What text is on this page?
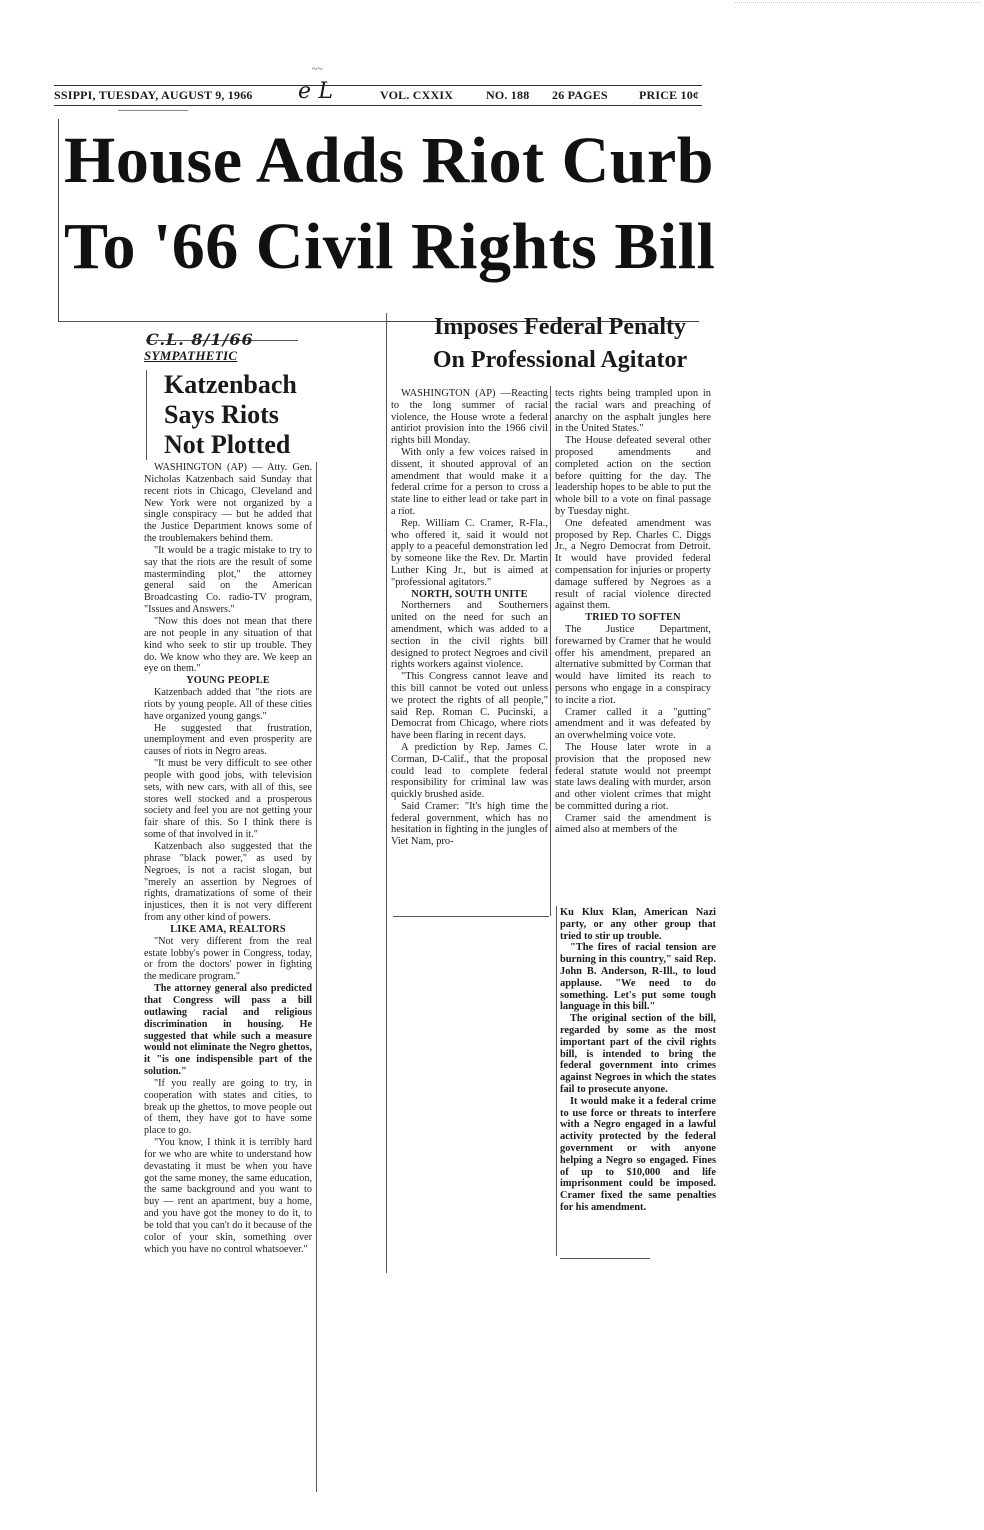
~~
SSIPPI, TUESDAY, AUGUST 9, 1966 e L	VOL. CXXIX	NO. 188 26 PAGES	PRICE 10¢
House Adds Riot Curb
To '66 Civil Rights Bill
Imposes Federal Penalty
On Professional Agitator
C.L. 8/1/66
SYMPATHETIC
Katzenbach
Says Riots
Not Plotted

WASHINGTON (AP) — Atty. Gen. Nicholas Katzenbach said Sunday that recent riots in Chicago, Cleveland and New York were not organized by a single conspiracy — but he added that the Justice Department knows some of the troublemakers behind them.

"It would be a tragic mistake to try to say that the riots are the result of some masterminding plot," the attorney general said on the American Broadcasting Co. radio-TV program, "Issues and Answers."

"Now this does not mean that there are not people in any situation of that kind who seek to stir up trouble. They do. We know who they are. We keep an eye on them."

YOUNG PEOPLE

Katzenbach added that "the riots are riots by young people. All of these cities have organized young gangs."

He suggested that frustration, unemployment and even prosperity are causes of riots in Negro areas.

"It must be very difficult to see other people with good jobs, with television sets, with new cars, with all of this, see stores well stocked and a prosperous society and feel you are not getting your fair share of this. So I think there is some of that involved in it."

Katzenbach also suggested that the phrase "black power," as used by Negroes, is not a racist slogan, but "merely an assertion by Negroes of rights, dramatizations of some of their injustices, then it is not very different from any other kind of powers.

LIKE AMA, REALTORS

"Not very different from the real estate lobby's power in Congress, today, or from the doctors' power in fighting the medicare program."

The attorney general also predicted that Congress will pass a bill outlawing racial and religious discrimination in housing. He suggested that while such a measure would not eliminate the Negro ghettos, it "is one indispensible part of the solution."

"If you really are going to try, in cooperation with states and cities, to break up the ghettos, to move people out of them, they have got to have some place to go.

"You know, I think it is terribly hard for we who are white to understand how devastating it must be when you have got the same money, the same education, the same background and you want to buy — rent an apartment, buy a home, and you have got the money to do it, to be told that you can't do it because of the color of your skin, something over which you have no control whatsoever."

WASHINGTON (AP) —Reacting to the long summer of racial violence, the House wrote a federal antiriot provision into the 1966 civil rights bill Monday.

With only a few voices raised in dissent, it shouted approval of an amendment that would make it a federal crime for a person to cross a state line to either lead or take part in a riot.

Rep. William C. Cramer, R-Fla., who offered it, said it would not apply to a peaceful demonstration led by someone like the Rev. Dr. Martin Luther King Jr., but is aimed at "professional agitators."

NORTH, SOUTH UNITE

Northerners and Southerners united on the need for such an amendment, which was added to a section in the civil rights bill designed to protect Negroes and civil rights workers against violence.

"This Congress cannot leave and this bill cannot be voted out unless we protect the rights of all people," said Rep. Roman C. Pucinski, a Democrat from Chicago, where riots have been flaring in recent days.

A prediction by Rep. James C. Corman, D-Calif., that the proposal could lead to complete federal responsibility for criminal law was quickly brushed aside.

Said Cramer: "It's high time the federal government, which has no hesitation in fighting in the jungles of Viet Nam, pro-

tects rights being trampled upon in the racial wars and preaching of anarchy on the asphalt jungles here in the United States."

The House defeated several other proposed amendments and completed action on the section before quitting for the day. The leadership hopes to be able to put the whole bill to a vote on final passage by Tuesday night.

One defeated amendment was proposed by Rep. Charles C. Diggs Jr., a Negro Democrat from Detroit. It would have provided federal compensation for injuries or property damage suffered by Negroes as a result of racial violence directed against them.

TRIED TO SOFTEN

The Justice Department, forewarned by Cramer that he would offer his amendment, prepared an alternative submitted by Corman that would have limited its reach to persons who engage in a conspiracy to incite a riot.

Cramer called it a "gutting" amendment and it was defeated by an overwhelming voice vote.

The House later wrote in a provision that the proposed new federal statute would not preempt state laws dealing with murder, arson and other violent crimes that might be committed during a riot.

Cramer said the amendment is aimed also at members of the

Ku Klux Klan, American Nazi party, or any other group that tried to stir up trouble.

"The fires of racial tension are burning in this country," said Rep. John B. Anderson, R-Ill., to loud applause. "We need to do something. Let's put some tough language in this bill."

The original section of the bill, regarded by some as the most important part of the civil rights bill, is intended to bring the federal government into crimes against Negroes in which the states fail to prosecute anyone.

It would make it a federal crime to use force or threats to interfere with a Negro engaged in a lawful activity protected by the federal government or with anyone helping a Negro so engaged. Fines of up to $10,000 and life imprisonment could be imposed. Cramer fixed the same penalties for his amendment.
